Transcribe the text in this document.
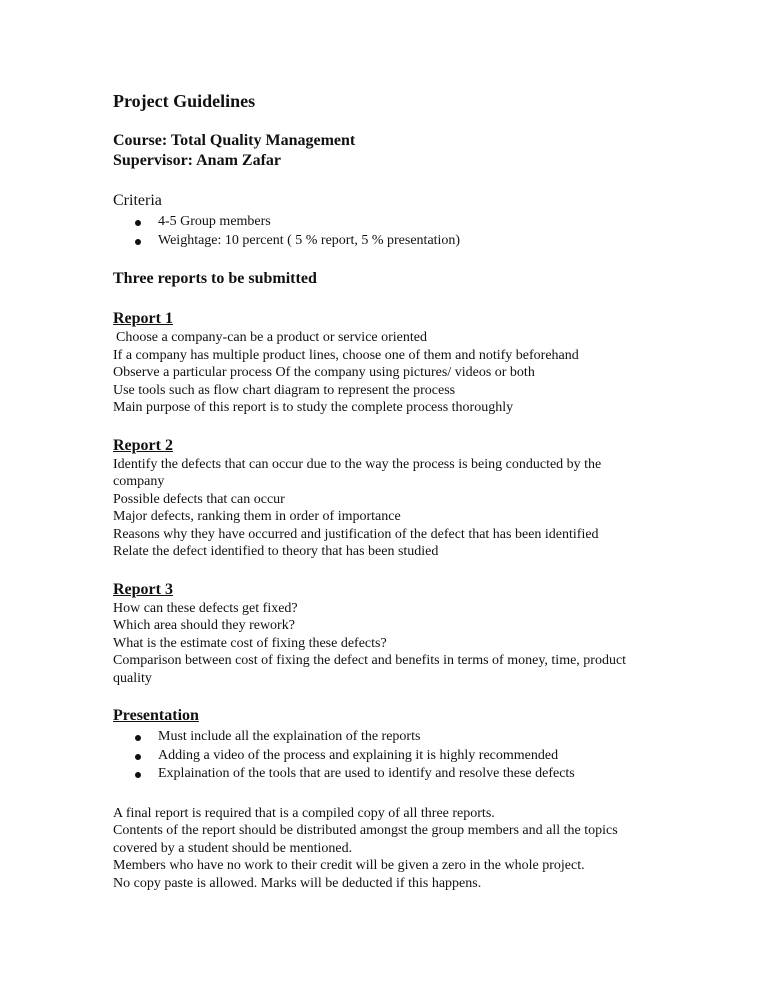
Project Guidelines
Course: Total Quality Management
Supervisor: Anam Zafar
Criteria
4-5 Group members
Weightage: 10 percent ( 5 % report, 5 % presentation)
Three reports to be submitted
Report 1
Choose a company-can be a product or service oriented
If a company has multiple product lines, choose one of them and notify beforehand
Observe a particular process Of the company using pictures/ videos or both
Use tools such as flow chart diagram to represent the process
Main purpose of this report is to study the complete process thoroughly
Report 2
Identify the defects that can occur due to the way the process is being conducted by the
company
Possible defects that can occur
Major defects, ranking them in order of importance
Reasons why they have occurred and justification of the defect that has been identified
Relate the defect identified to theory that has been studied
Report 3
How can these defects get fixed?
Which area should they rework?
What is the estimate cost of fixing these defects?
Comparison between cost of fixing the defect and benefits in terms of money, time, product
quality
Presentation
Must include all the explaination of the reports
Adding a video of the process and explaining it is highly recommended
Explaination of the tools that are used to identify and resolve these defects
A final report is required that is a compiled copy of all three reports.
Contents of the report should be distributed amongst the group members and all the topics
covered by a student should be mentioned.
Members who have no work to their credit will be given a zero in the whole project.
No copy paste is allowed. Marks will be deducted if this happens.
